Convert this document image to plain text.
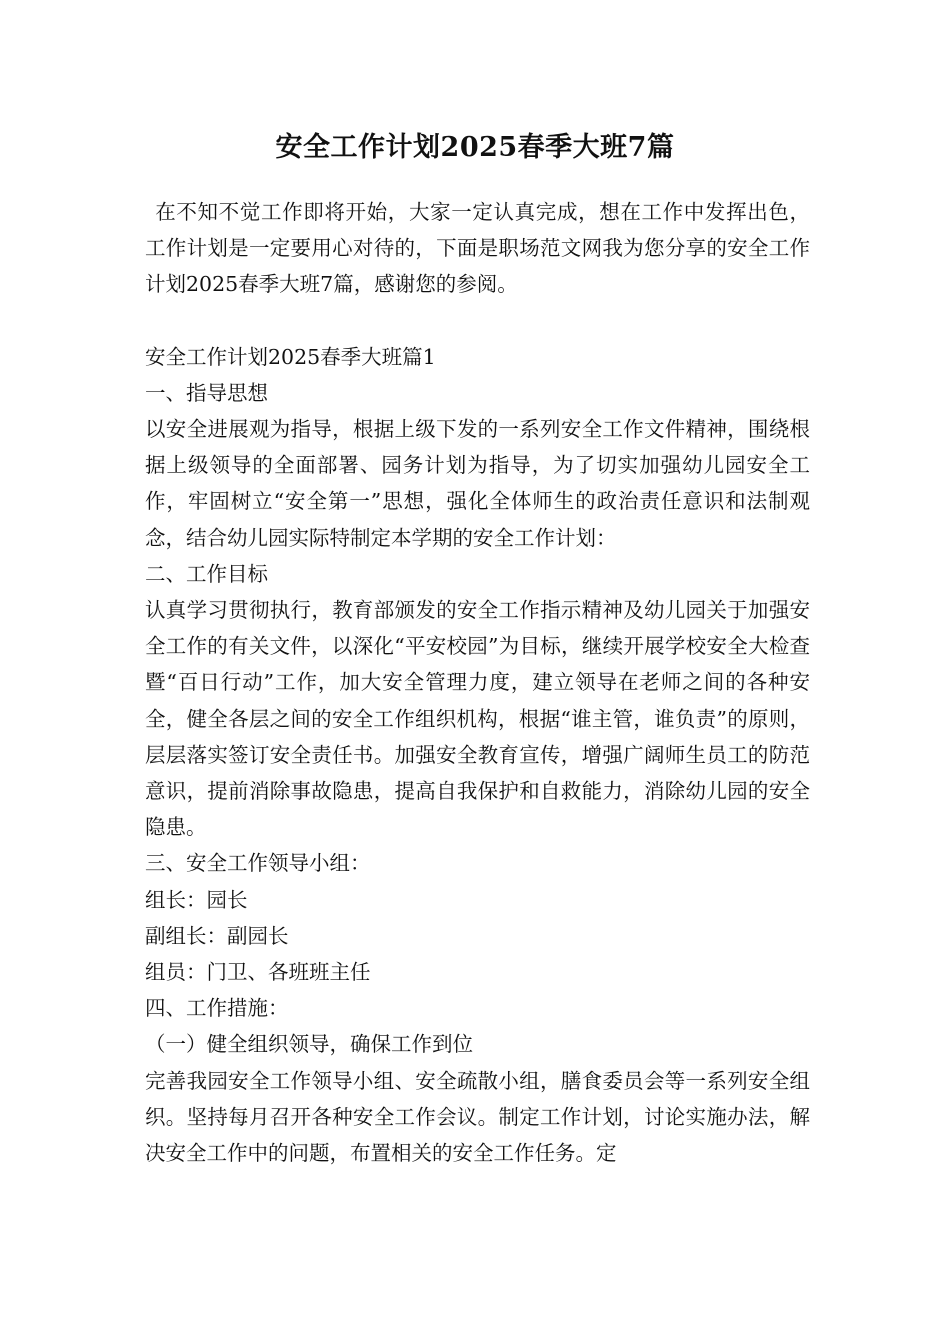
安全工作计划2025春季大班7篇

在不知不觉工作即将开始，大家一定认真完成，想在工作中发挥出色，工作计划是一定要用心对待的，下面是职场范文网我为您分享的安全工作计划2025春季大班7篇，感谢您的参阅。

安全工作计划2025春季大班篇1

一、指导思想

以安全进展观为指导，根据上级下发的一系列安全工作文件精神，围绕根据上级领导的全面部署、园务计划为指导，为了切实加强幼儿园安全工作，牢固树立“安全第一”思想，强化全体师生的政治责任意识和法制观念，结合幼儿园实际特制定本学期的安全工作计划：

二、工作目标

认真学习贯彻执行，教育部颁发的安全工作指示精神及幼儿园关于加强安全工作的有关文件，以深化“平安校园”为目标，继续开展学校安全大检查暨“百日行动”工作，加大安全管理力度，建立领导在老师之间的各种安全，健全各层之间的安全工作组织机构，根据“谁主管，谁负责”的原则，层层落实签订安全责任书。加强安全教育宣传，增强广阔师生员工的防范意识，提前消除事故隐患，提高自我保护和自救能力，消除幼儿园的安全隐患。

三、安全工作领导小组：

组长：园长

副组长：副园长

组员：门卫、各班班主任

四、工作措施：

（一）健全组织领导，确保工作到位

完善我园安全工作领导小组、安全疏散小组，膳食委员会等一系列安全组织。坚持每月召开各种安全工作会议。制定工作计划，讨论实施办法，解决安全工作中的问题，布置相关的安全工作任务。定
